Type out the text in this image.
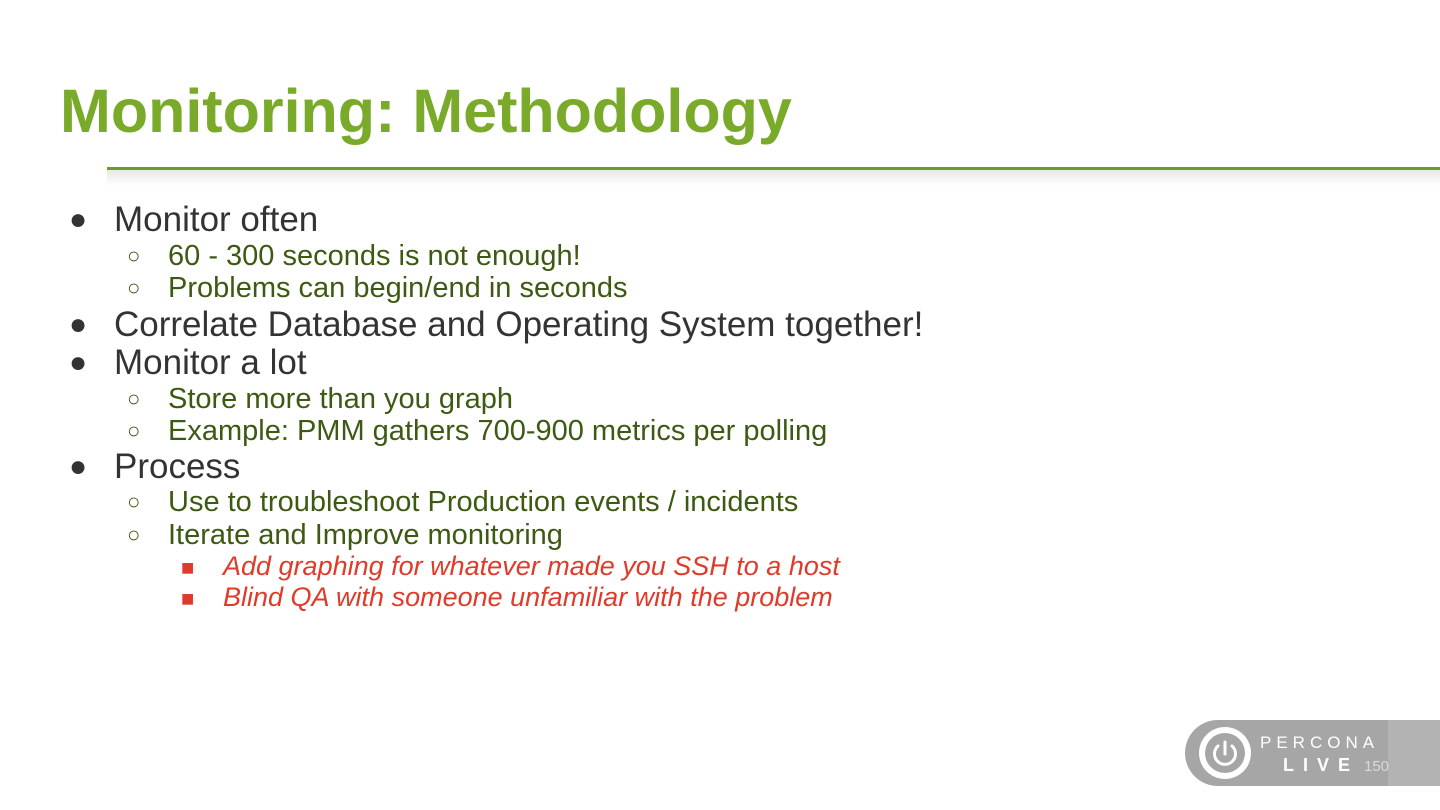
Monitoring: Methodology
● Monitor often
○ 60 - 300 seconds is not enough!
○ Problems can begin/end in seconds
● Correlate Database and Operating System together!
● Monitor a lot
○ Store more than you graph
○ Example: PMM gathers 700-900 metrics per polling
● Process
○ Use to troubleshoot Production events / incidents
○ Iterate and Improve monitoring
■ Add graphing for whatever made you SSH to a host
■ Blind QA with someone unfamiliar with the problem
PERCONA
LIVE 150
